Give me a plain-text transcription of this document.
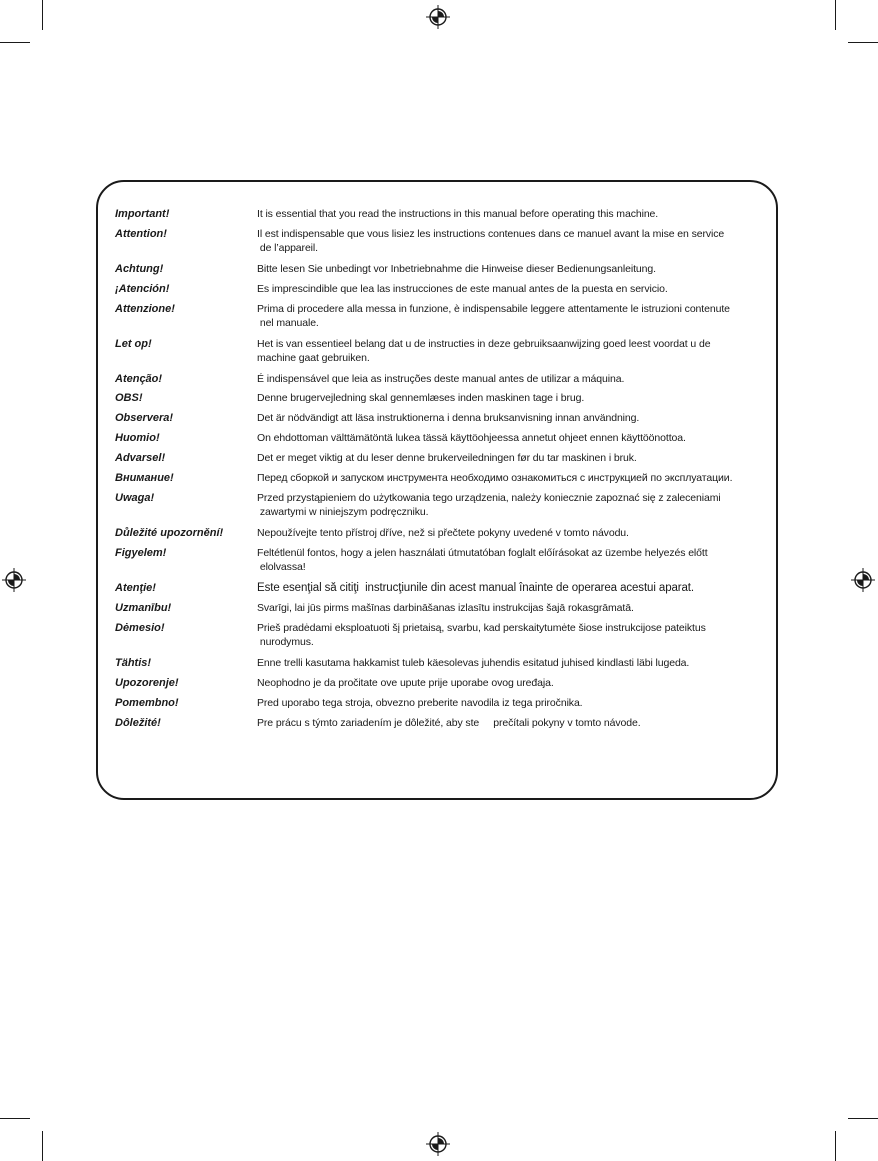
Important!	It is essential that you read the instructions in this manual before operating this machine.
Attention!	Il est indispensable que vous lisiez les instructions contenues dans ce manuel avant la mise en service
de l’appareil.
Achtung!	Bitte lesen Sie unbedingt vor Inbetriebnahme die Hinweise dieser Bedienungsanleitung.
¡Atención!	Es imprescindible que lea las instrucciones de este manual antes de la puesta en servicio.
Attenzione!	Prima di procedere alla messa in funzione, è indispensabile leggere attentamente le istruzioni contenute
nel manuale.
Let op!	Het is van essentieel belang dat u de instructies in deze gebruiksaanwijzing goed leest voordat u de
machine gaat gebruiken.
Atenção!	É indispensável que leia as instruções deste manual antes de utilizar a máquina.
OBS!	Denne brugervejledning skal gennemlæses inden maskinen tage i brug.
Observera!	Det är nödvändigt att läsa instruktionerna i denna bruksanvisning innan användning.
Huomio!	On ehdottoman välttämätöntä lukea tässä käyttöohjeessa annetut ohjeet ennen käyttöönottoa.
Advarsel!	Det er meget viktig at du leser denne brukerveiledningen før du tar maskinen i bruk.
Внимание!	Перед сборкой и запуском инструмента необходимо ознакомиться с инструкцией по эксплуатации.
Uwaga!	Przed przystąpieniem do użytkowania tego urządzenia, należy koniecznie zapoznać się z zaleceniami
zawartymi w niniejszym podręczniku.
Důležité upozornění!	Nepoužívejte tento přístroj dříve, než si přečtete pokyny uvedené v tomto návodu.
Figyelem!	Feltétlenül fontos, hogy a jelen használati útmutatóban foglalt előírásokat az üzembe helyezés előtt
elolvassa!
Atenţie!	Este esenţial să citiţi  instrucţiunile din acest manual înainte de operarea acestui aparat.
Uzmanību!	Svarīgi, lai jūs pirms mašīnas darbināšanas izlasītu instrukcijas šajā rokasgrāmatā.
Dėmesio!	Prieš pradėdami eksploatuoti šį prietaisą, svarbu, kad perskaitytumėte šiose instrukcijose pateiktus
nurodymus.
Tähtis!	Enne trelli kasutama hakkamist tuleb käesolevas juhendis esitatud juhised kindlasti läbi lugeda.
Upozorenje!	Neophodno je da pročitate ove upute prije uporabe ovog uređaja.
Pomembno!	Pred uporabo tega stroja, obvezno preberite navodila iz tega priročnika.
Dôležité!	Pre prácu s týmto zariadením je dôležité, aby ste     prečítali pokyny v tomto návode.
